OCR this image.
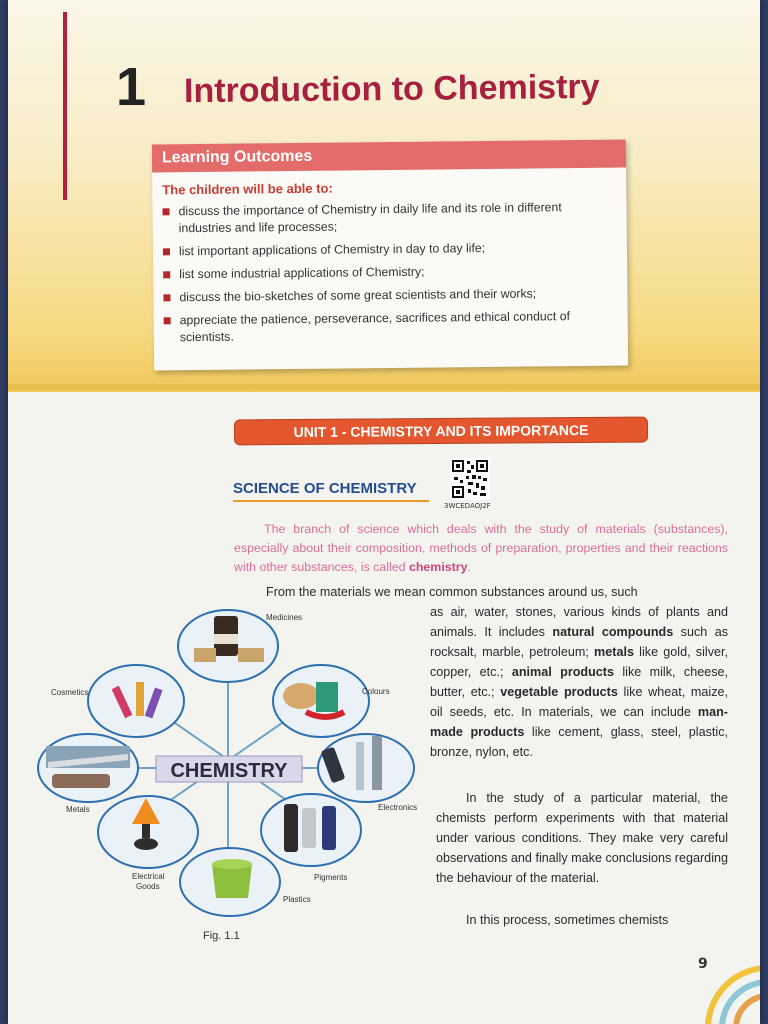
1 Introduction to Chemistry
Learning Outcomes
The children will be able to:
discuss the importance of Chemistry in daily life and its role in different industries and life processes;
list important applications of Chemistry in day to day life;
list some industrial applications of Chemistry;
discuss the bio-sketches of some great scientists and their works;
appreciate the patience, perseverance, sacrifices and ethical conduct of scientists.
UNIT 1 - CHEMISTRY AND ITS IMPORTANCE
SCIENCE OF CHEMISTRY
3WCEDAOJ2F
The branch of science which deals with the study of materials (substances), especially about their composition, methods of preparation, properties and their reactions with other substances, is called chemistry.
From the materials we mean common substances around us, such
as air, water, stones, various kinds of plants and animals. It includes natural compounds such as rocksalt, marble, petroleum; metals like gold, silver, copper, etc.; animal products like milk, cheese, butter, etc.; vegetable products like wheat, maize, oil seeds, etc. In materials, we can include man-made products like cement, glass, steel, plastic, bronze, nylon, etc.
In the study of a particular material, the chemists perform experiments with that material under various conditions. They make very careful observations and finally make conclusions regarding the behaviour of the material.
In this process, sometimes chemists
Medicines
Colours
Cosmetics
Metals	Electronics
Electrical
Goods
Pigments
Plastics
CHEMISTRY
Fig. 1.1
9
